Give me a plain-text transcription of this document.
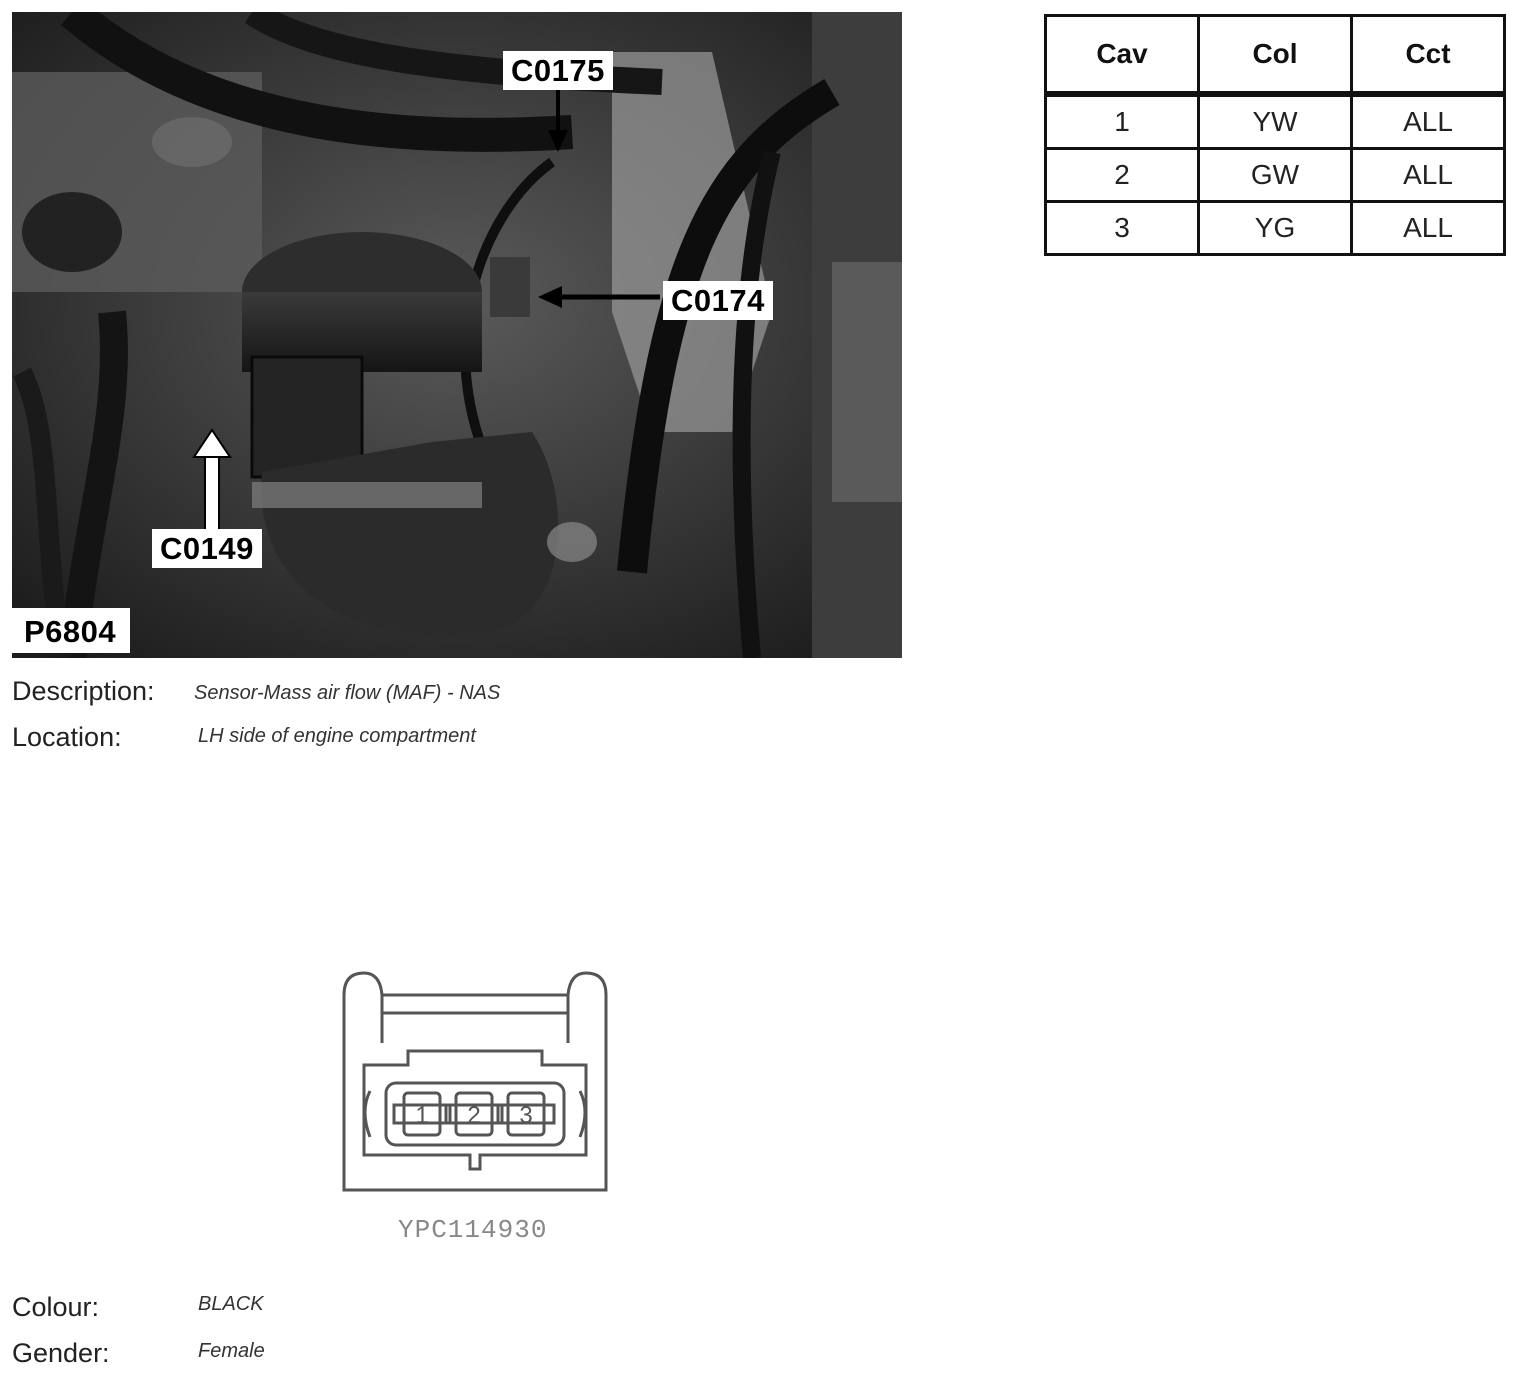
C0175
C0174
C0149
P6804
Cav	Col	Cct
1	YW	ALL
2	GW	ALL
3	YG	ALL
Description: Sensor-Mass air flow (MAF) - NAS
Location:	LH side of engine compartment
1 2 3
YPC114930
Colour:	BLACK
Gender:	Female
